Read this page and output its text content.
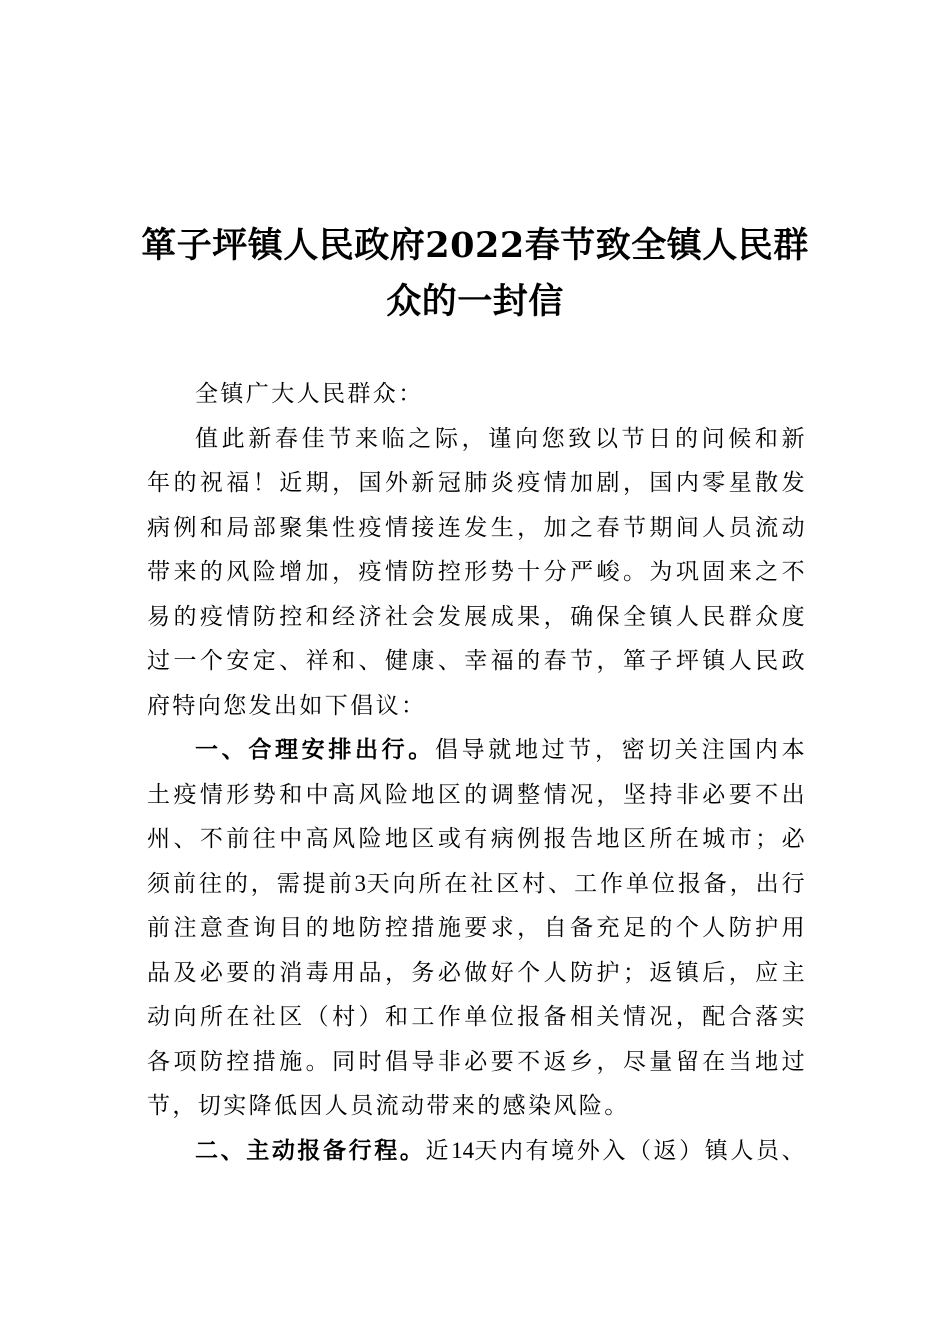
箪子坪镇人民政府2022春节致全镇人民群
众的一封信
全镇广大人民群众：
值此新春佳节来临之际，谨向您致以节日的问候和新
年的祝福！近期，国外新冠肺炎疫情加剧，国内零星散发
病例和局部聚集性疫情接连发生，加之春节期间人员流动
带来的风险增加，疫情防控形势十分严峻。为巩固来之不
易的疫情防控和经济社会发展成果，确保全镇人民群众度
过一个安定、祥和、健康、幸福的春节，箪子坪镇人民政
府特向您发出如下倡议：
一、合理安排出行。倡导就地过节，密切关注国内本
土疫情形势和中高风险地区的调整情况，坚持非必要不出
州、不前往中高风险地区或有病例报告地区所在城市；必
须前往的，需提前3天向所在社区村、工作单位报备，出行
前注意查询目的地防控措施要求，自备充足的个人防护用
品及必要的消毒用品，务必做好个人防护；返镇后，应主
动向所在社区（村）和工作单位报备相关情况，配合落实
各项防控措施。同时倡导非必要不返乡，尽量留在当地过
节，切实降低因人员流动带来的感染风险。
二、主动报备行程。近14天内有境外入（返）镇人员、
